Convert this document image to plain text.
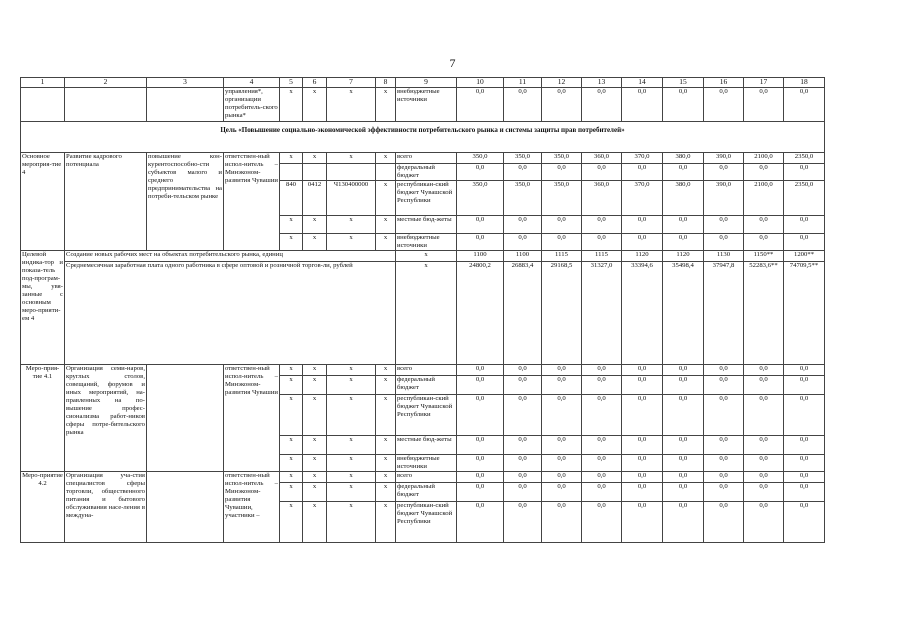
7
1	2	3	4	5	6	7	8	9	10	11	12	13	14	15	16	17	18
			управления*, организации потребитель-ского рынка*	x	x	x	x	внебюджетные источники	0,0	0,0	0,0	0,0	0,0	0,0	0,0	0,0	0,0
Цель «Повышение социально-экономической эффективности потребительского рынка и системы защиты прав потребителей»																	
Основное мероприя-тие 4	Развитие кадрового потенциала	повышение кон-курентоспособно-сти субъектов малого и среднего предпринимательства на потреби-тельском рынке	ответствен-ный испол-нитель – Минэконом-развития Чувашии	x	x	x	x	всего	350,0	350,0	350,0	360,0	370,0	380,0	390,0	2100,0	2350,0
								федеральный бюджет	0,0	0,0	0,0	0,0	0,0	0,0	0,0	0,0	0,0
				840	0412	Ч130400000	x	республикан-ский бюджет Чувашской Республики	350,0	350,0	350,0	360,0	370,0	380,0	390,0	2100,0	2350,0
				x	x	x	x	местные бюд-жеты	0,0	0,0	0,0	0,0	0,0	0,0	0,0	0,0	0,0
				x	x	x	x	внебюджетные источники	0,0	0,0	0,0	0,0	0,0	0,0	0,0	0,0	0,0
Целевой индика-тор и показа-тель под-програм-мы, увя-занные с основным меро-прияти-ем 4	Создание новых рабочих мест на объектах потребительского рынка, единиц							x	1100	1100	1115	1115	1120	1120	1130	1150**	1200**
	Среднемесячная заработная плата одного работника в сфере оптовой и розничной торгов-ли, рублей							x	24800,2	26883,4	29168,5	31327,0	33394,6	35498,4	37947,8	52283,6**	74709,5**
Меро-прия-тие 4.1	Организация семи-наров, круглых столов, совещаний, форумов и иных мероприятий, на-правленных на по-вышение профес-сионализма работ-ников сферы потре-бительского рынка		ответствен-ный испол-нитель – Минэконом-развития Чувашии	x	x	x	x	всего	0,0	0,0	0,0	0,0	0,0	0,0	0,0	0,0	0,0
				x	x	x	x	федеральный бюджет	0,0	0,0	0,0	0,0	0,0	0,0	0,0	0,0	0,0
				x	x	x	x	республикан-ский бюджет Чувашской Республики	0,0	0,0	0,0	0,0	0,0	0,0	0,0	0,0	0,0
				x	x	x	x	местные бюд-жеты	0,0	0,0	0,0	0,0	0,0	0,0	0,0	0,0	0,0
				x	x	x	x	внебюджетные источники	0,0	0,0	0,0	0,0	0,0	0,0	0,0	0,0	0,0
Меро-приятие 4.2	Организация уча-стия специалистов сферы торговли, общественного питания и бытового обслуживания насе-ления в междуна-		ответствен-ный испол-нитель – Минэконом-развития Чувашии, участники –	x	x	x	x	всего	0,0	0,0	0,0	0,0	0,0	0,0	0,0	0,0	0,0
				x	x	x	x	федеральный бюджет	0,0	0,0	0,0	0,0	0,0	0,0	0,0	0,0	0,0
				x	x	x	x	республикан-ский бюджет Чувашской Республики	0,0	0,0	0,0	0,0	0,0	0,0	0,0	0,0	0,0
